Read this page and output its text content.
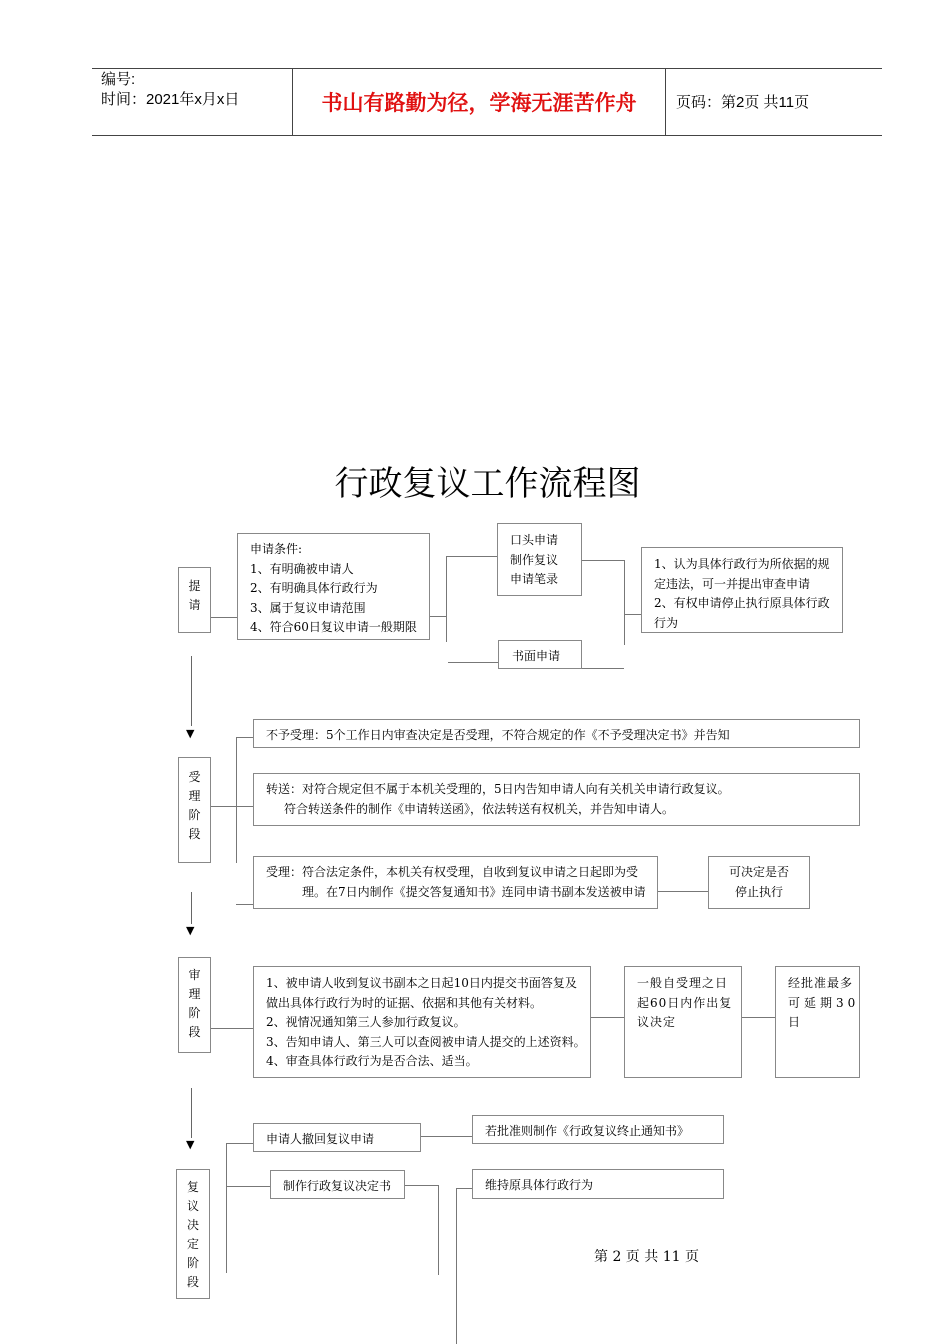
编号:
时间：2021年x月x日	书山有路勤为径，学海无涯苦作舟	页码：第2页 共11页
行政复议工作流程图
提
请
申请条件:
1、有明确被申请人
2、有明确具体行政行为
3、属于复议申请范围
4、符合60日复议申请一般期限
口头申请
制作复议
申请笔录
书面申请
1、认为具体行政行为所依据的规
定违法，可一并提出审查申请
2、有权申请停止执行原具体行政
行为
▼
受
理
阶
段
不予受理：5个工作日内审查决定是否受理，不符合规定的作《不予受理决定书》并告知
转送：对符合规定但不属于本机关受理的，5日内告知申请人向有关机关申请行政复议。
符合转送条件的制作《申请转送函》，依法转送有权机关，并告知申请人。
受理：符合法定条件，本机关有权受理，自收到复议申请之日起即为受
理。在7日内制作《提交答复通知书》连同申请书副本发送被申请
可决定是否
停止执行
▼
审
理
阶
段
1、被申请人收到复议书副本之日起10日内提交书面答复及
做出具体行政行为时的证据、依据和其他有关材料。
2、视情况通知第三人参加行政复议。
3、告知申请人、第三人可以查阅被申请人提交的上述资料。
4、审查具体行政行为是否合法、适当。
一般自受理之日
起60日内作出复
议决定
经批准最多
可延期30
日
▼
复
议
决
定
阶
段
申请人撤回复议申请
若批准则制作《行政复议终止通知书》
制作行政复议决定书	维持原具体行政行为
第 2 页 共 11 页
